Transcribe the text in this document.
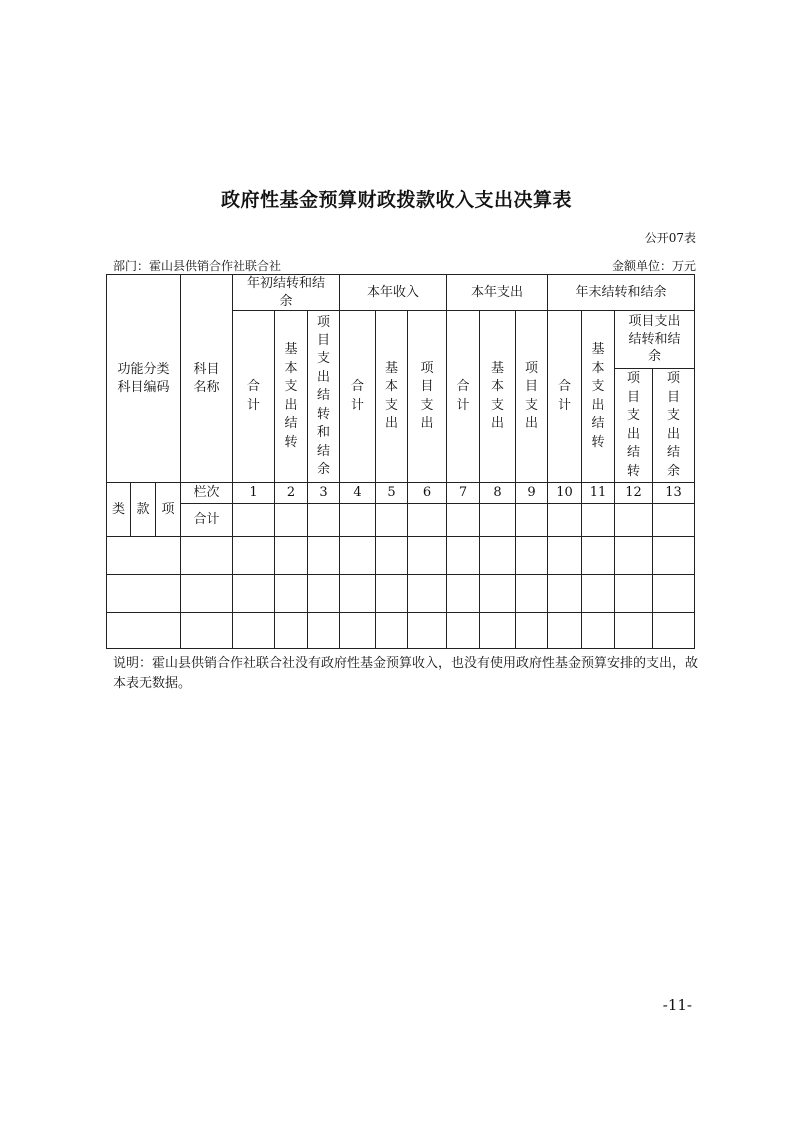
政府性基金预算财政拨款收入支出决算表
公开07表
部门：霍山县供销合作社联合社	金额单位：万元
功能分类科目编码			科目名称	年初结转和结余			本年收入			本年支出			年末结转和结余			
				合计	基本支出结转	项目支出结转和结余	合计	基本支出	项目支出	合计	基本支出	项目支出	合计	基本支出结转	项目支出结转和结余	
															项目支出结转	项目支出结余
类	款	项	栏次	1	2	3	4	5	6	7	8	9	10	11	12	13
			合计													

说明：霍山县供销合作社联合社没有政府性基金预算收入，也没有使用政府性基金预算安排的支出，故本表无数据。

-11-
